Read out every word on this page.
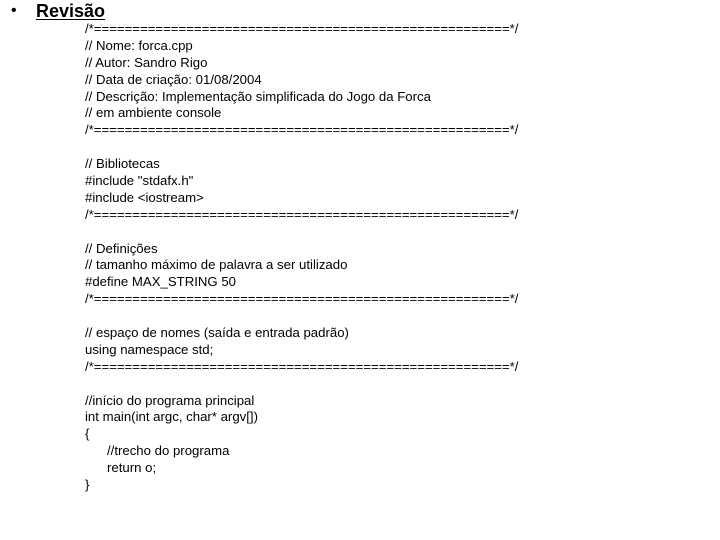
• Revisão
/*======================================================*/
// Nome: forca.cpp
// Autor: Sandro Rigo
// Data de criação: 01/08/2004
// Descrição: Implementação simplificada do Jogo da Forca
// em ambiente console
/*======================================================*/
// Bibliotecas
#include "stdafx.h"
#include <iostream>
/*======================================================*/
// Definições
// tamanho máximo de palavra a ser utilizado
#define MAX_STRING 50
/*======================================================*/
// espaço de nomes (saída e entrada padrão)
using namespace std;
/*======================================================*/
//início do programa principal
int main(int argc, char* argv[])
{
//trecho do programa
return o;
}
